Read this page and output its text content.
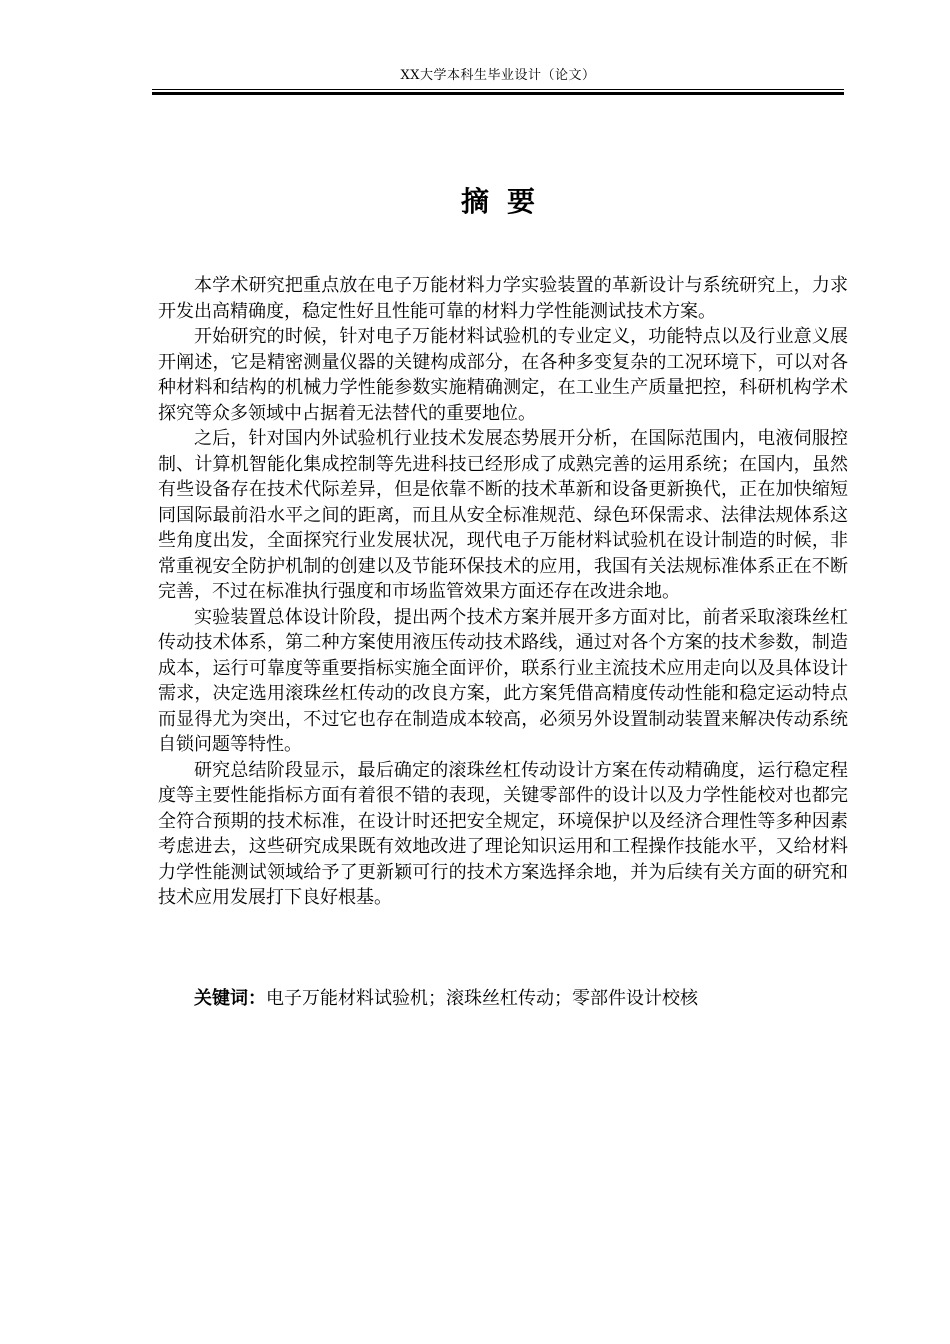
XX大学本科生毕业设计（论文）
摘要

本学术研究把重点放在电子万能材料力学实验装置的革新设计与系统研究上，力求开发出高精确度，稳定性好且性能可靠的材料力学性能测试技术方案。

开始研究的时候，针对电子万能材料试验机的专业定义，功能特点以及行业意义展开阐述，它是精密测量仪器的关键构成部分，在各种多变复杂的工况环境下，可以对各种材料和结构的机械力学性能参数实施精确测定，在工业生产质量把控，科研机构学术探究等众多领域中占据着无法替代的重要地位。

之后，针对国内外试验机行业技术发展态势展开分析，在国际范围内，电液伺服控制、计算机智能化集成控制等先进科技已经形成了成熟完善的运用系统；在国内，虽然有些设备存在技术代际差异，但是依靠不断的技术革新和设备更新换代，正在加快缩短同国际最前沿水平之间的距离，而且从安全标准规范、绿色环保需求、法律法规体系这些角度出发，全面探究行业发展状况，现代电子万能材料试验机在设计制造的时候，非常重视安全防护机制的创建以及节能环保技术的应用，我国有关法规标准体系正在不断完善，不过在标准执行强度和市场监管效果方面还存在改进余地。

实验装置总体设计阶段，提出两个技术方案并展开多方面对比，前者采取滚珠丝杠传动技术体系，第二种方案使用液压传动技术路线，通过对各个方案的技术参数，制造成本，运行可靠度等重要指标实施全面评价，联系行业主流技术应用走向以及具体设计需求，决定选用滚珠丝杠传动的改良方案，此方案凭借高精度传动性能和稳定运动特点而显得尤为突出，不过它也存在制造成本较高，必须另外设置制动装置来解决传动系统自锁问题等特性。

研究总结阶段显示，最后确定的滚珠丝杠传动设计方案在传动精确度，运行稳定程度等主要性能指标方面有着很不错的表现，关键零部件的设计以及力学性能校对也都完全符合预期的技术标准，在设计时还把安全规定，环境保护以及经济合理性等多种因素考虑进去，这些研究成果既有效地改进了理论知识运用和工程操作技能水平，又给材料力学性能测试领域给予了更新颖可行的技术方案选择余地，并为后续有关方面的研究和技术应用发展打下良好根基。

关键词：电子万能材料试验机；滚珠丝杠传动；零部件设计校核
